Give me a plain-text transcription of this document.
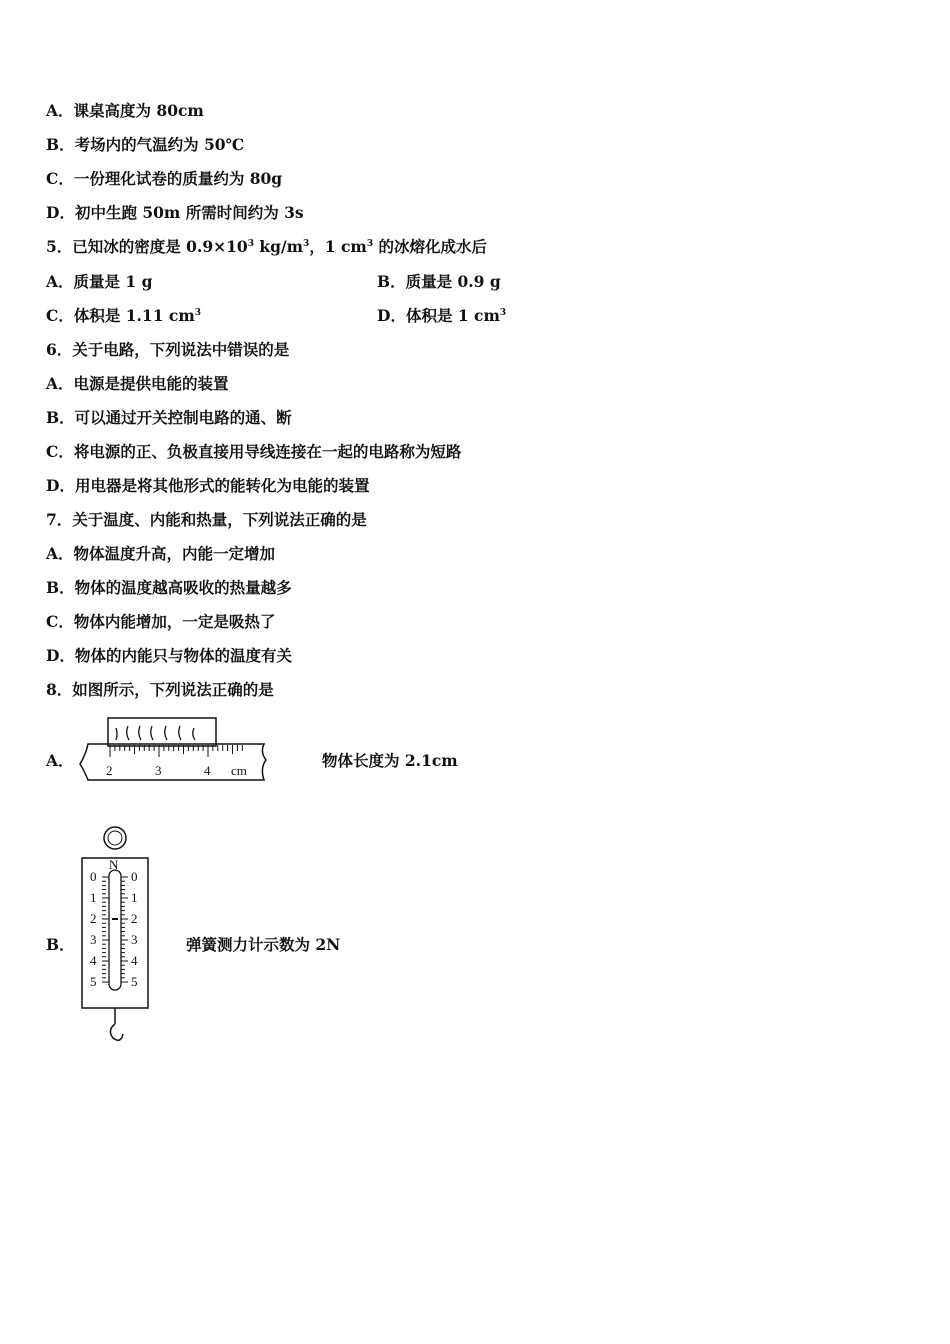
A．课桌高度为 80cm
B．考场内的气温约为 50℃
C．一份理化试卷的质量约为 80g
D．初中生跑 50m 所需时间约为 3s
5．已知冰的密度是 $0.9\times 10^3$ $kg/m^3$，1 $cm^3$ 的冰熔化成水后
A．质量是 1 g	B．质量是 0.9 g
C．体积是 1.11 $cm^3$	D．体积是 1 $cm^3$
6．关于电路，下列说法中错误的是
A．电源是提供电能的装置
B．可以通过开关控制电路的通、断
C．将电源的正、负极直接用导线连接在一起的电路称为短路
D．用电器是将其他形式的能转化为电能的装置
7．关于温度、内能和热量，下列说法正确的是
A．物体温度升高，内能一定增加
B．物体的温度越高吸收的热量越多
C．物体内能增加，一定是吸热了
D．物体的内能只与物体的温度有关
8．如图所示，下列说法正确的是
A．
2	3	4 cm
物体长度为 2.1cm
B．
N
0
1
2
3
4
5
0
1
2
3
4
5
弹簧测力计示数为 2N
